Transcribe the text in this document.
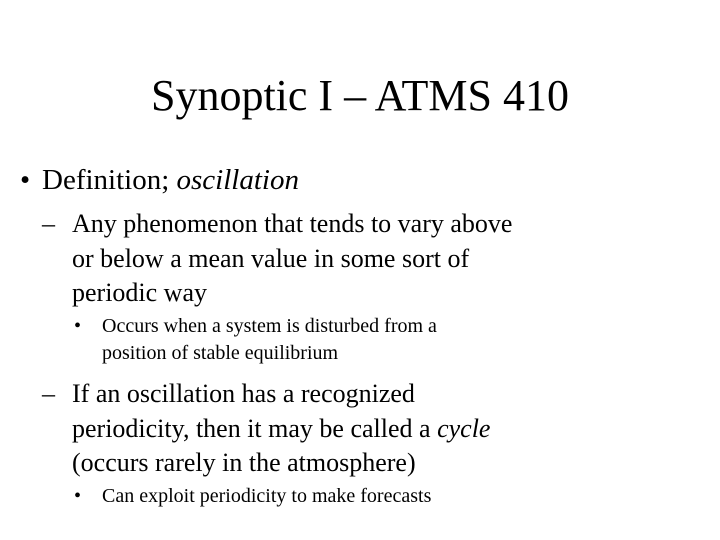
Synoptic I – ATMS 410
• Definition; oscillation
– Any phenomenon that tends to vary above
or below a mean value in some sort of
periodic way
• Occurs when a system is disturbed from a
position of stable equilibrium
– If an oscillation has a recognized
periodicity, then it may be called a cycle
(occurs rarely in the atmosphere)
• Can exploit periodicity to make forecasts
